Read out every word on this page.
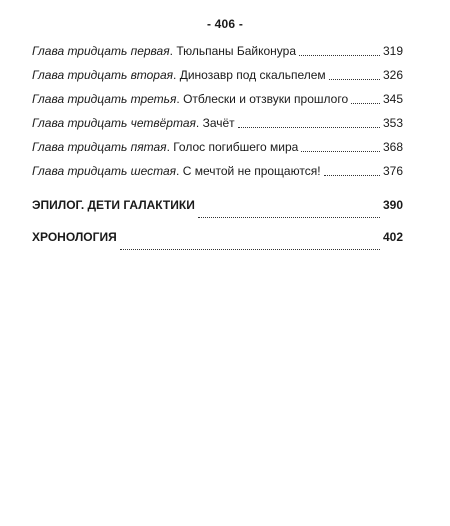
- 406 -
Глава тридцать первая. Тюльпаны Байконура	319
Глава тридцать вторая. Динозавр под скальпелем	326
Глава тридцать третья. Отблески и отзвуки прошлого	345
Глава тридцать четвёртая. Зачёт	353
Глава тридцать пятая. Голос погибшего мира	368
Глава тридцать шестая. С мечтой не прощаются!	376
ЭПИЛОГ. ДЕТИ ГАЛАКТИКИ	390
ХРОНОЛОГИЯ	402
